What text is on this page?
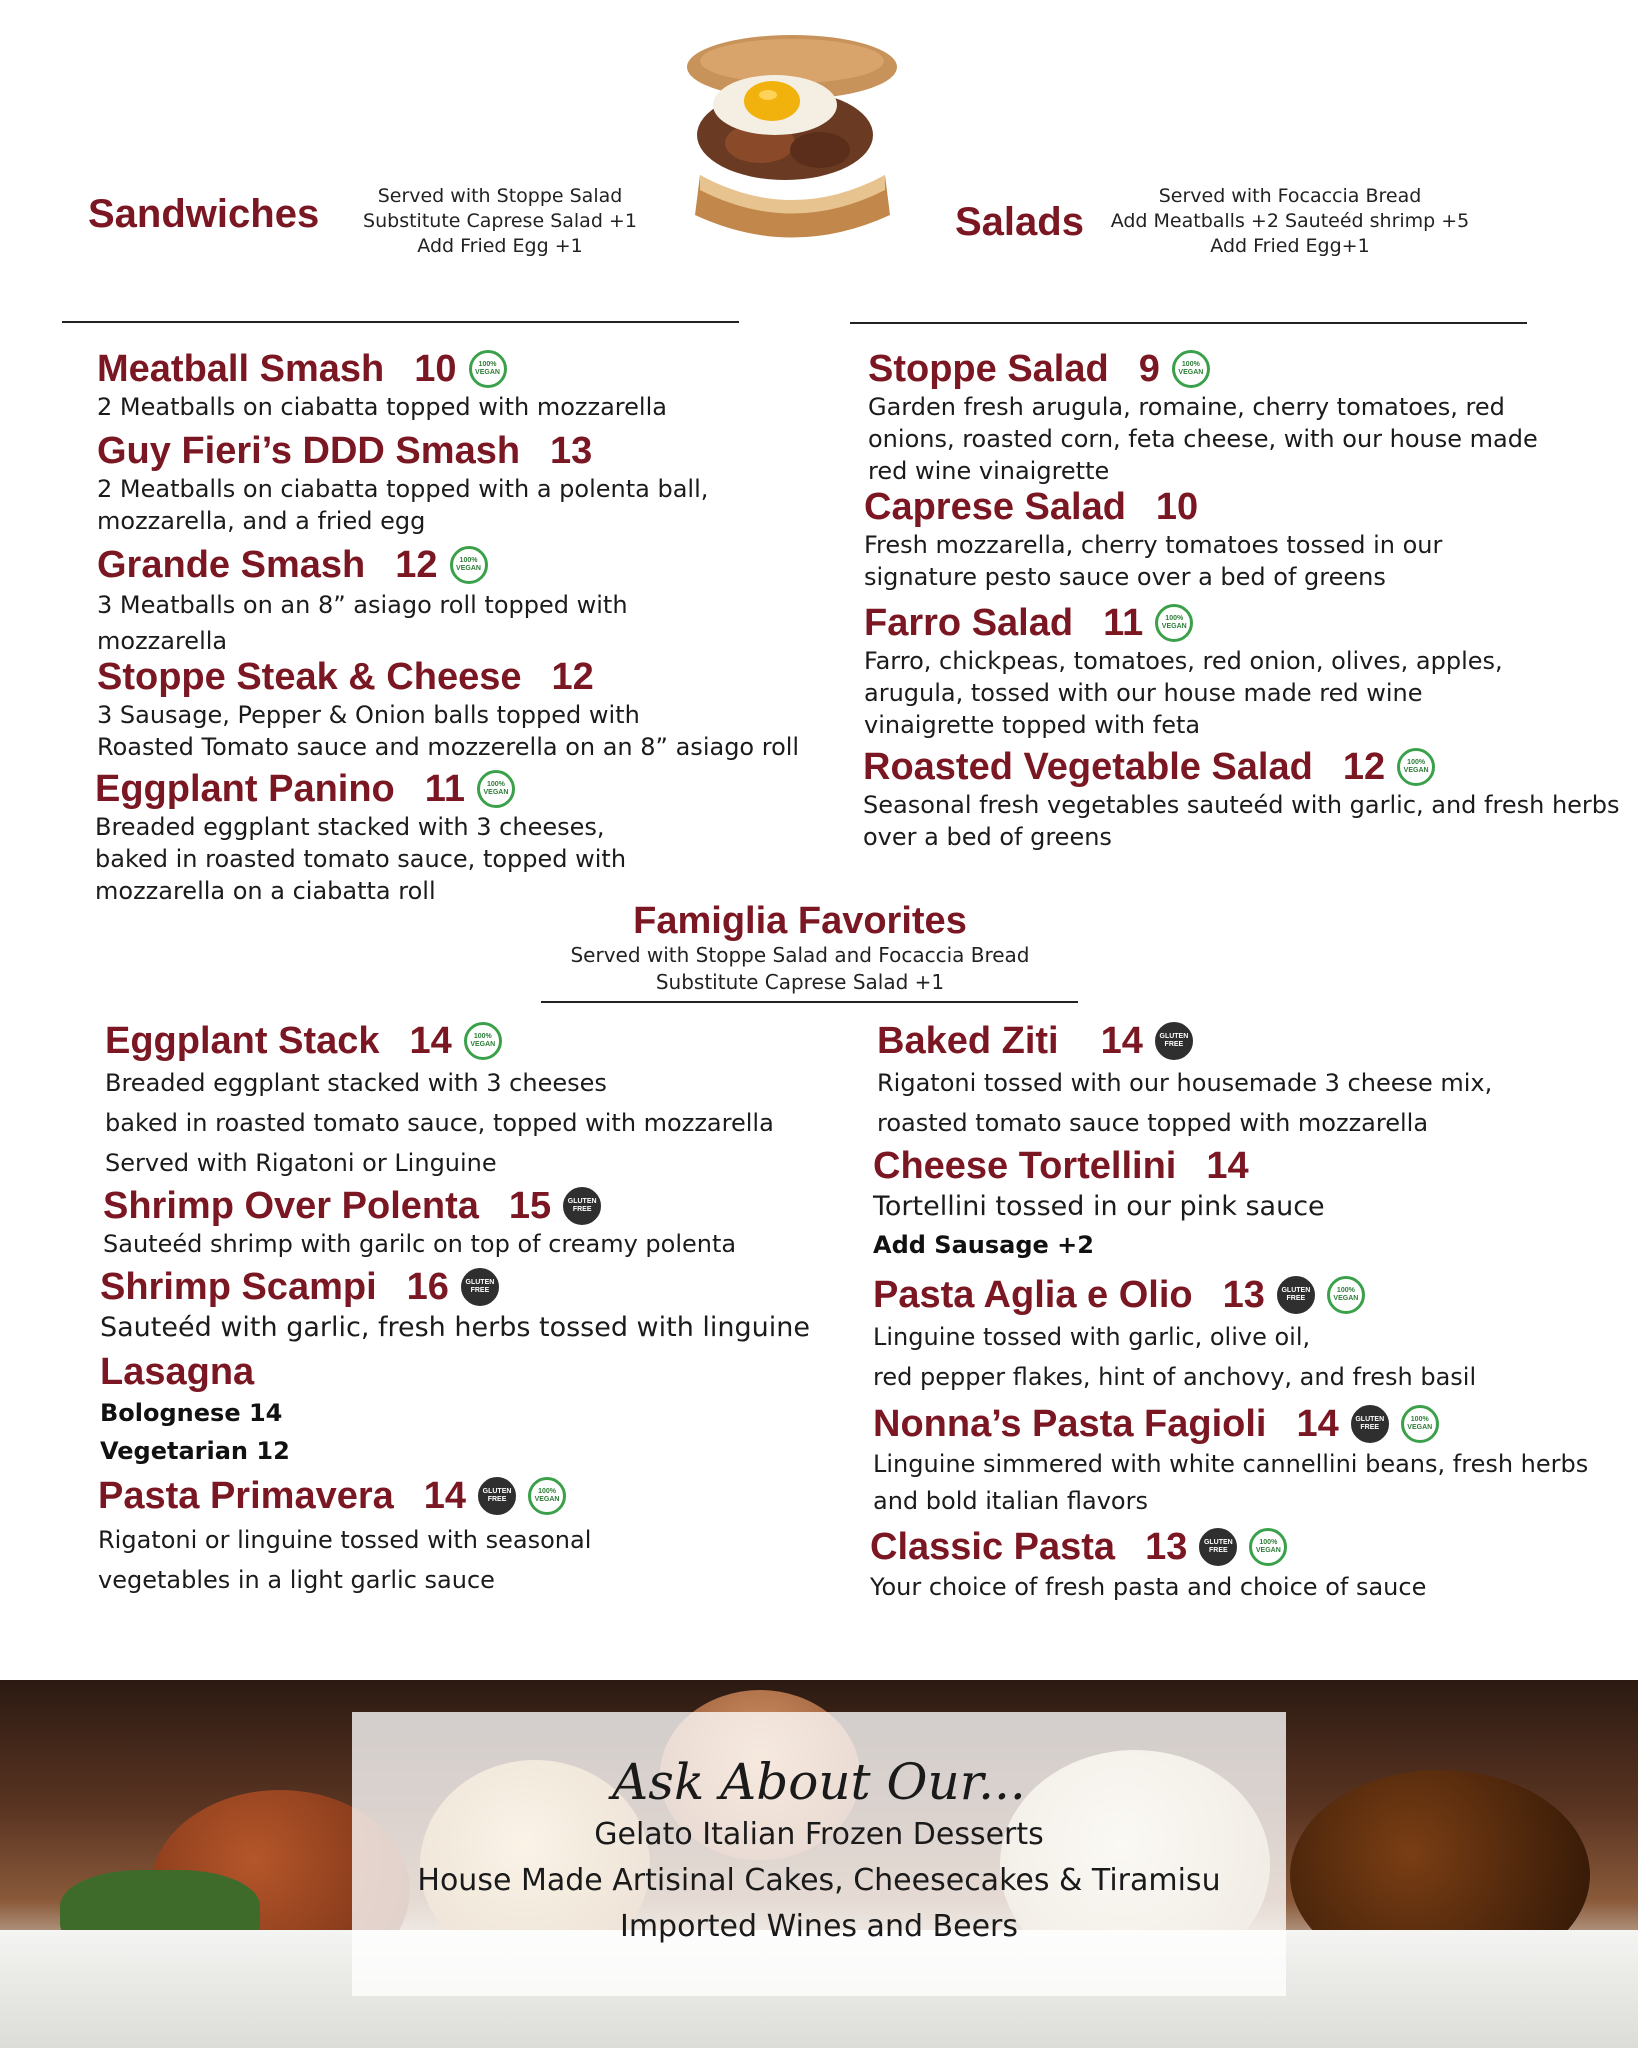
Sandwiches	Served with Stoppe Salad
Substitute Caprese Salad +1
Add Fried Egg +1
Salads
Served with Focaccia Bread
Add Meatballs +2 Sauteéd shrimp +5
Add Fried Egg+1
Meatball Smash 10	100%
VEGAN
2 Meatballs on ciabatta topped with mozzarella
Guy Fieri’s DDD Smash 13
2 Meatballs on ciabatta topped with a polenta ball,
mozzarella, and a fried egg
Grande Smash 12	100%
VEGAN
3 Meatballs on an 8” asiago roll topped with
mozzarella
Stoppe Steak & Cheese 12
3 Sausage, Pepper & Onion balls topped with
Roasted Tomato sauce and mozzerella on an 8” asiago roll
Eggplant Panino 11	100%
VEGAN
Breaded eggplant stacked with 3 cheeses,
baked in roasted tomato sauce, topped with
mozzarella on a ciabatta roll
Stoppe Salad 9	100%
VEGAN
Garden fresh arugula, romaine, cherry tomatoes, red
onions, roasted corn, feta cheese, with our house made
red wine vinaigrette
Caprese Salad 10
Fresh mozzarella, cherry tomatoes tossed in our
signature pesto sauce over a bed of greens
Farro Salad 11	100%
VEGAN
Farro, chickpeas, tomatoes, red onion, olives, apples,
arugula, tossed with our house made red wine
vinaigrette topped with feta
Roasted Vegetable Salad 12	100%
VEGAN
Seasonal fresh vegetables sauteéd with garlic, and fresh herbs
over a bed of greens
Famiglia Favorites
Served with Stoppe Salad and Focaccia Bread
Substitute Caprese Salad +1
Eggplant Stack 14	100%
VEGAN
Breaded eggplant stacked with 3 cheeses
baked in roasted tomato sauce, topped with mozzarella
Served with Rigatoni or Linguine
Shrimp Over Polenta 15 GLUTEN
FREE
Sauteéd shrimp with garilc on top of creamy polenta
Shrimp Scampi 16 GLUTEN
FREE
Sauteéd with garlic, fresh herbs tossed with linguine
Lasagna
Bolognese 14
Vegetarian 12
Pasta Primavera 14 GLUTEN
FREE
100%
VEGAN
Rigatoni or linguine tossed with seasonal
vegetables in a light garlic sauce
Baked Ziti 14 GLUTEN
FREE
Rigatoni tossed with our housemade 3 cheese mix,
roasted tomato sauce topped with mozzarella
Cheese Tortellini 14
Tortellini tossed in our pink sauce
Add Sausage +2
Pasta Aglia e Olio 13 GLUTEN
FREE
100%
VEGAN
Linguine tossed with garlic, olive oil,
red pepper flakes, hint of anchovy, and fresh basil
Nonna’s Pasta Fagioli 14 GLUTEN
FREE
100%
VEGAN
Linguine simmered with white cannellini beans, fresh herbs
and bold italian flavors
Classic Pasta 13 GLUTEN
FREE
100%
VEGAN
Your choice of fresh pasta and choice of sauce
Ask About Our...
Gelato Italian Frozen Desserts
House Made Artisinal Cakes, Cheesecakes & Tiramisu
Imported Wines and Beers
